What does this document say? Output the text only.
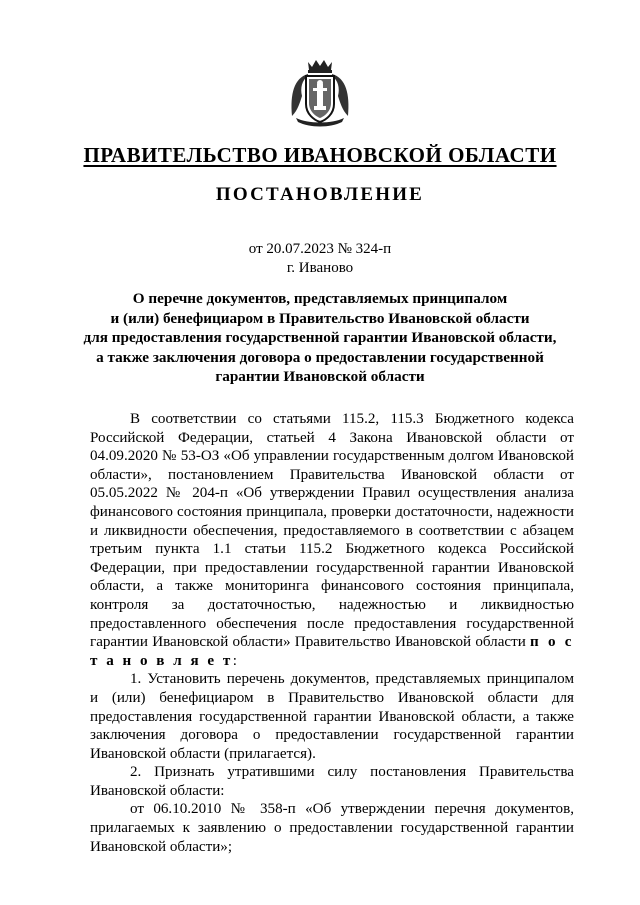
ПРАВИТЕЛЬСТВО ИВАНОВСКОЙ ОБЛАСТИ
ПОСТАНОВЛЕНИЕ
от 20.07.2023 № 324-п
г. Иваново
О перечне документов, представляемых принципалом
и (или) бенефициаром в Правительство Ивановской области
для предоставления государственной гарантии Ивановской области,
а также заключения договора о предоставлении государственной
гарантии Ивановской области

В соответствии со статьями 115.2, 115.3 Бюджетного кодекса Российской Федерации, статьей 4 Закона Ивановской области от 04.09.2020 № 53-ОЗ «Об управлении государственным долгом Ивановской области», постановлением Правительства Ивановской области от 05.05.2022 № 204-п «Об утверждении Правил осуществления анализа финансового состояния принципала, проверки достаточности, надежности и ликвидности обеспечения, предоставляемого в соответствии с абзацем третьим пункта 1.1 статьи 115.2 Бюджетного кодекса Российской Федерации, при предоставлении государственной гарантии Ивановской области, а также мониторинга финансового состояния принципала, контроля за достаточностью, надежностью и ликвидностью предоставленного обеспечения после предоставления государственной гарантии Ивановской области» Правительство Ивановской области п о с т а н о в л я е т:

1. Установить перечень документов, представляемых принципалом и (или) бенефициаром в Правительство Ивановской области для предоставления государственной гарантии Ивановской области, а также заключения договора о предоставлении государственной гарантии Ивановской области (прилагается).

2. Признать утратившими силу постановления Правительства Ивановской области:

от 06.10.2010 № 358-п «Об утверждении перечня документов, прилагаемых к заявлению о предоставлении государственной гарантии Ивановской области»;
